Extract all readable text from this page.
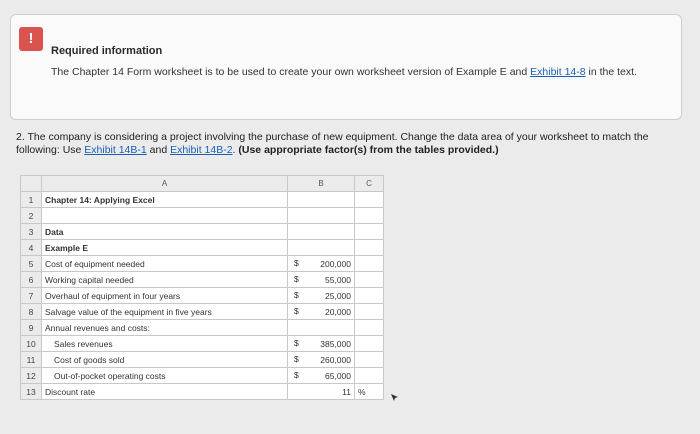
!
Required information
The Chapter 14 Form worksheet is to be used to create your own worksheet version of Example E and Exhibit 14-8 in the text.
2. The company is considering a project involving the purchase of new equipment. Change the data area of your worksheet to match the following: Use Exhibit 14B-1 and Exhibit 14B-2. (Use appropriate factor(s) from the tables provided.)
	A	B	C
1	Chapter 14: Applying Excel	

2		

3	Data	

4	Example E	

5	Cost of equipment needed	$ 200,000	

6	Working capital needed	$ 55,000	

7	Overhaul of equipment in four years	$ 25,000	

8	Salvage value of the equipment in five years	$ 20,000	

9	Annual revenues and costs:	

10	Sales revenues	$ 385,000	

11	Cost of goods sold	$ 260,000	

12	Out-of-pocket operating costs	$ 65,000	

13	Discount rate	11	%
